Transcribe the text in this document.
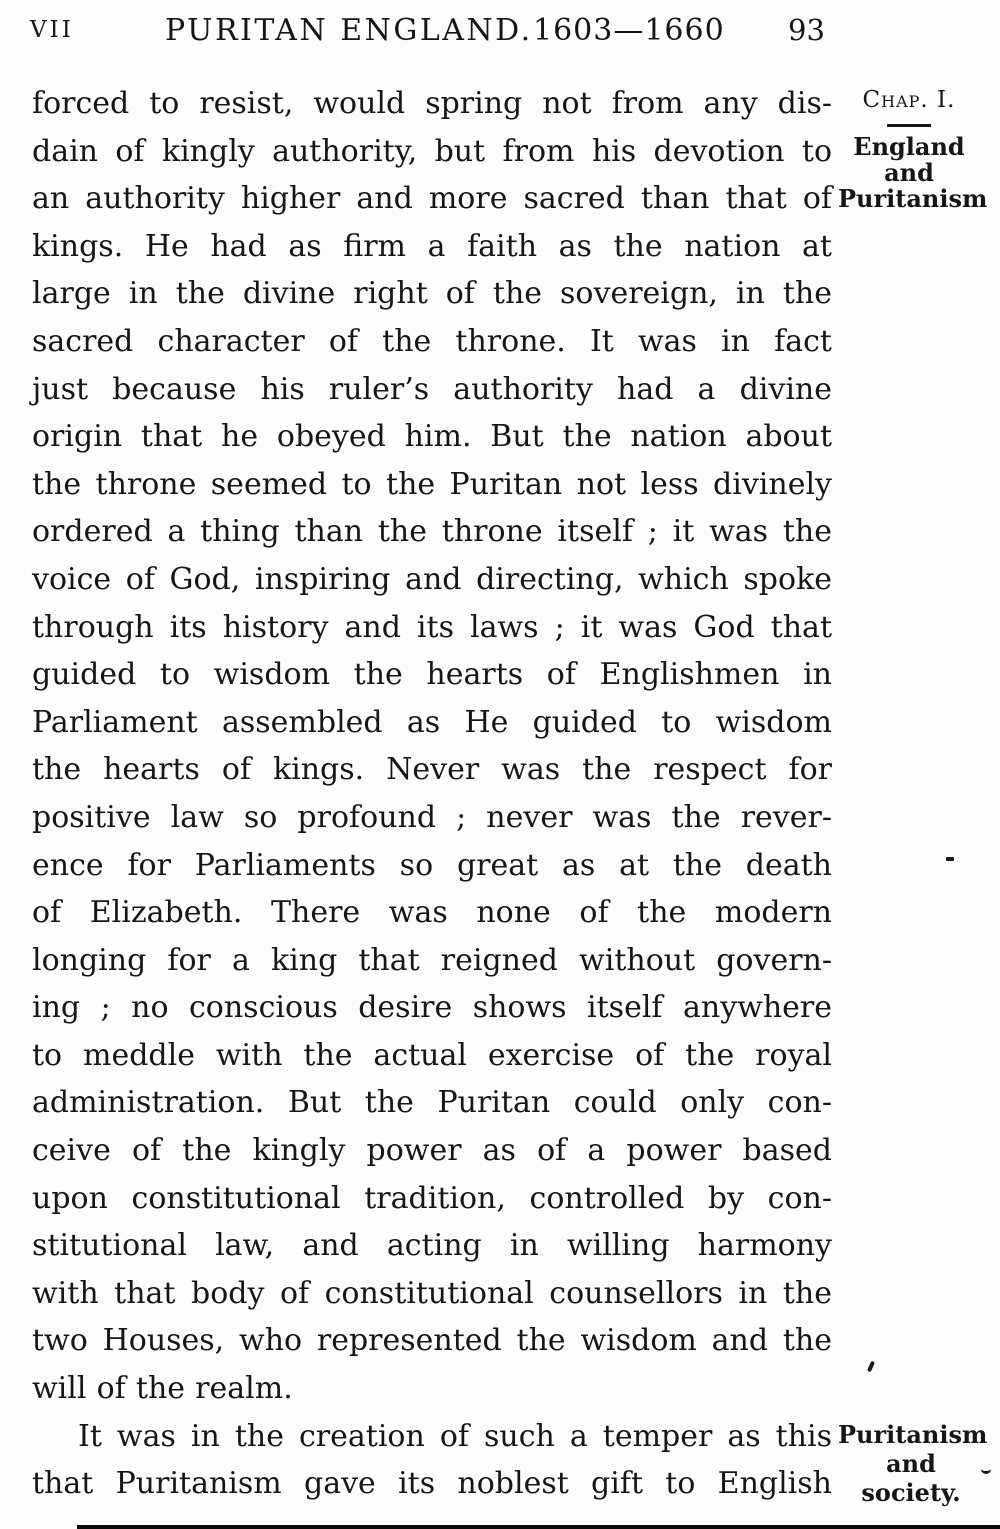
VII	PURITAN ENGLAND. 1603—1660 93
forced to resist, would spring not from any dis-
dain of kingly authority, but from his devotion to
an authority higher and more sacred than that of
kings. He had as firm a faith as the nation at
large in the divine right of the sovereign, in the
sacred character of the throne. It was in fact
just because his ruler’s authority had a divine
origin that he obeyed him. But the nation about
the throne seemed to the Puritan not less divinely
ordered a thing than the throne itself ; it was the
voice of God, inspiring and directing, which spoke
through its history and its laws ; it was God that
guided to wisdom the hearts of Englishmen in
Parliament assembled as He guided to wisdom
the hearts of kings. Never was the respect for
positive law so profound ; never was the rever-
ence for Parliaments so great as at the death
of Elizabeth. There was none of the modern
longing for a king that reigned without govern-
ing ; no conscious desire shows itself anywhere
to meddle with the actual exercise of the royal
administration. But the Puritan could only con-
ceive of the kingly power as of a power based
upon constitutional tradition, controlled by con-
stitutional law, and acting in willing harmony
with that body of constitutional counsellors in the
two Houses, who represented the wisdom and the
will of the realm.
It was in the creation of such a temper as this
that Puritanism gave its noblest gift to English
Chap. I.
England
and
Puritanism
Puritanism
and society.
